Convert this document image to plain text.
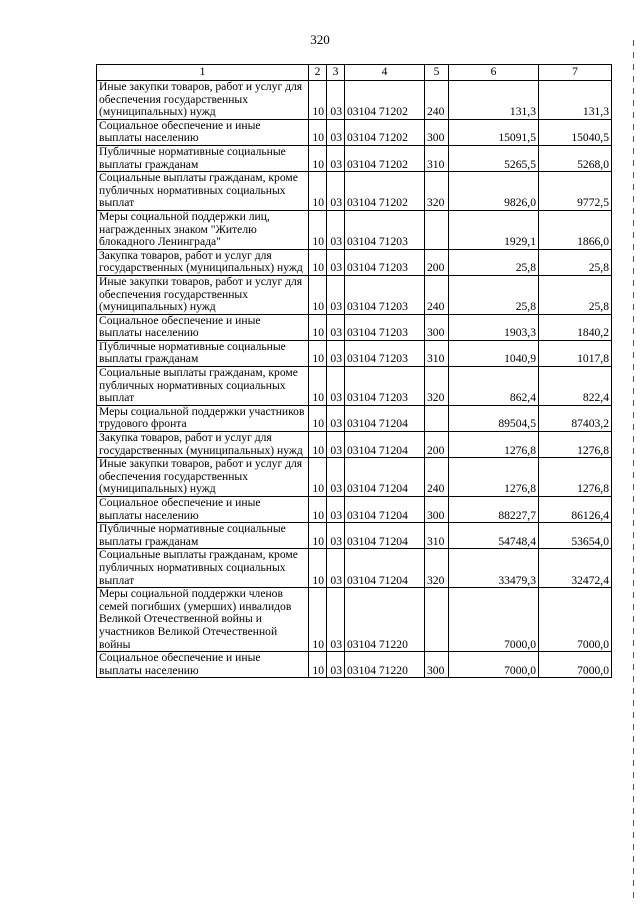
320
1	2	3	4	5	6	7
Иные закупки товаров, работ и услуг для обеспечения государственных (муниципальных) нужд	10	03	03104 71202	240	131,3	131,3
Социальное обеспечение и иные выплаты населению	10	03	03104 71202	300	15091,5	15040,5
Публичные нормативные социальные выплаты гражданам	10	03	03104 71202	310	5265,5	5268,0
Социальные выплаты гражданам, кроме публичных нормативных социальных выплат	10	03	03104 71202	320	9826,0	9772,5
Меры социальной поддержки лиц, награжденных знаком "Жителю блокадного Ленинграда"	10	03	03104 71203		1929,1	1866,0
Закупка товаров, работ и услуг для государственных (муниципальных) нужд	10	03	03104 71203	200	25,8	25,8
Иные закупки товаров, работ и услуг для обеспечения государственных (муниципальных) нужд	10	03	03104 71203	240	25,8	25,8
Социальное обеспечение и иные выплаты населению	10	03	03104 71203	300	1903,3	1840,2
Публичные нормативные социальные выплаты гражданам	10	03	03104 71203	310	1040,9	1017,8
Социальные выплаты гражданам, кроме публичных нормативных социальных выплат	10	03	03104 71203	320	862,4	822,4
Меры социальной поддержки участников трудового фронта	10	03	03104 71204		89504,5	87403,2
Закупка товаров, работ и услуг для государственных (муниципальных) нужд	10	03	03104 71204	200	1276,8	1276,8
Иные закупки товаров, работ и услуг для обеспечения государственных (муниципальных) нужд	10	03	03104 71204	240	1276,8	1276,8
Социальное обеспечение и иные выплаты населению	10	03	03104 71204	300	88227,7	86126,4
Публичные нормативные социальные выплаты гражданам	10	03	03104 71204	310	54748,4	53654,0
Социальные выплаты гражданам, кроме публичных нормативных социальных выплат	10	03	03104 71204	320	33479,3	32472,4
Меры социальной поддержки членов семей погибших (умерших) инвалидов Великой Отечественной войны и участников Великой Отечественной войны	10	03	03104 71220		7000,0	7000,0
Социальное обеспечение и иные выплаты населению	10	03	03104 71220	300	7000,0	7000,0
